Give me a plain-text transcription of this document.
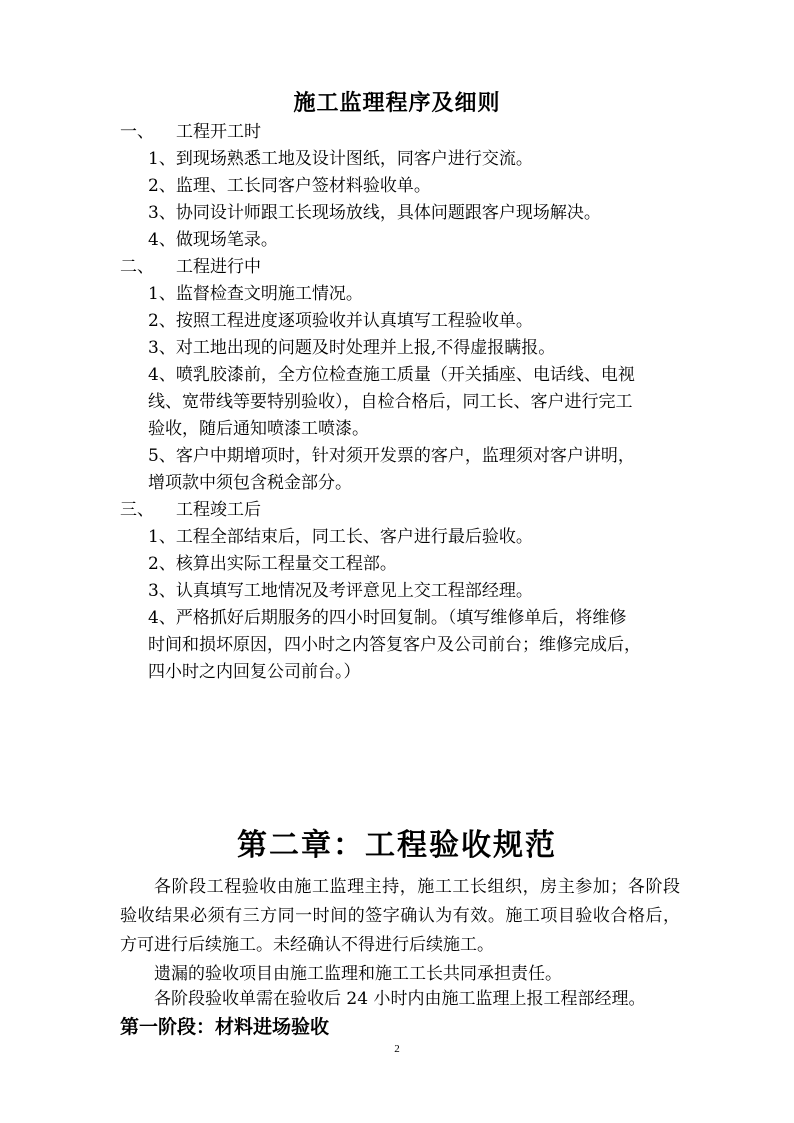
施工监理程序及细则
一、 工程开工时
1、到现场熟悉工地及设计图纸，同客户进行交流。
2、监理、工长同客户签材料验收单。
3、协同设计师跟工长现场放线，具体问题跟客户现场解决。
4、做现场笔录。
二、 工程进行中
1、监督检查文明施工情况。
2、按照工程进度逐项验收并认真填写工程验收单。
3、对工地出现的问题及时处理并上报,不得虚报瞒报。
4、喷乳胶漆前，全方位检查施工质量（开关插座、电话线、电视
线、宽带线等要特别验收），自检合格后，同工长、客户进行完工
验收，随后通知喷漆工喷漆。
5、客户中期增项时，针对须开发票的客户，监理须对客户讲明，
增项款中须包含税金部分。
三、 工程竣工后
1、工程全部结束后，同工长、客户进行最后验收。
2、核算出实际工程量交工程部。
3、认真填写工地情况及考评意见上交工程部经理。
4、严格抓好后期服务的四小时回复制。（填写维修单后，将维修
时间和损坏原因，四小时之内答复客户及公司前台；维修完成后，
四小时之内回复公司前台。）
第二章：工程验收规范
各阶段工程验收由施工监理主持，施工工长组织，房主参加；各阶段验收结果必须有三方同一时间的签字确认为有效。施工项目验收合格后，方可进行后续施工。未经确认不得进行后续施工。
遗漏的验收项目由施工监理和施工工长共同承担责任。
各阶段验收单需在验收后 24 小时内由施工监理上报工程部经理。
第一阶段：材料进场验收
2
